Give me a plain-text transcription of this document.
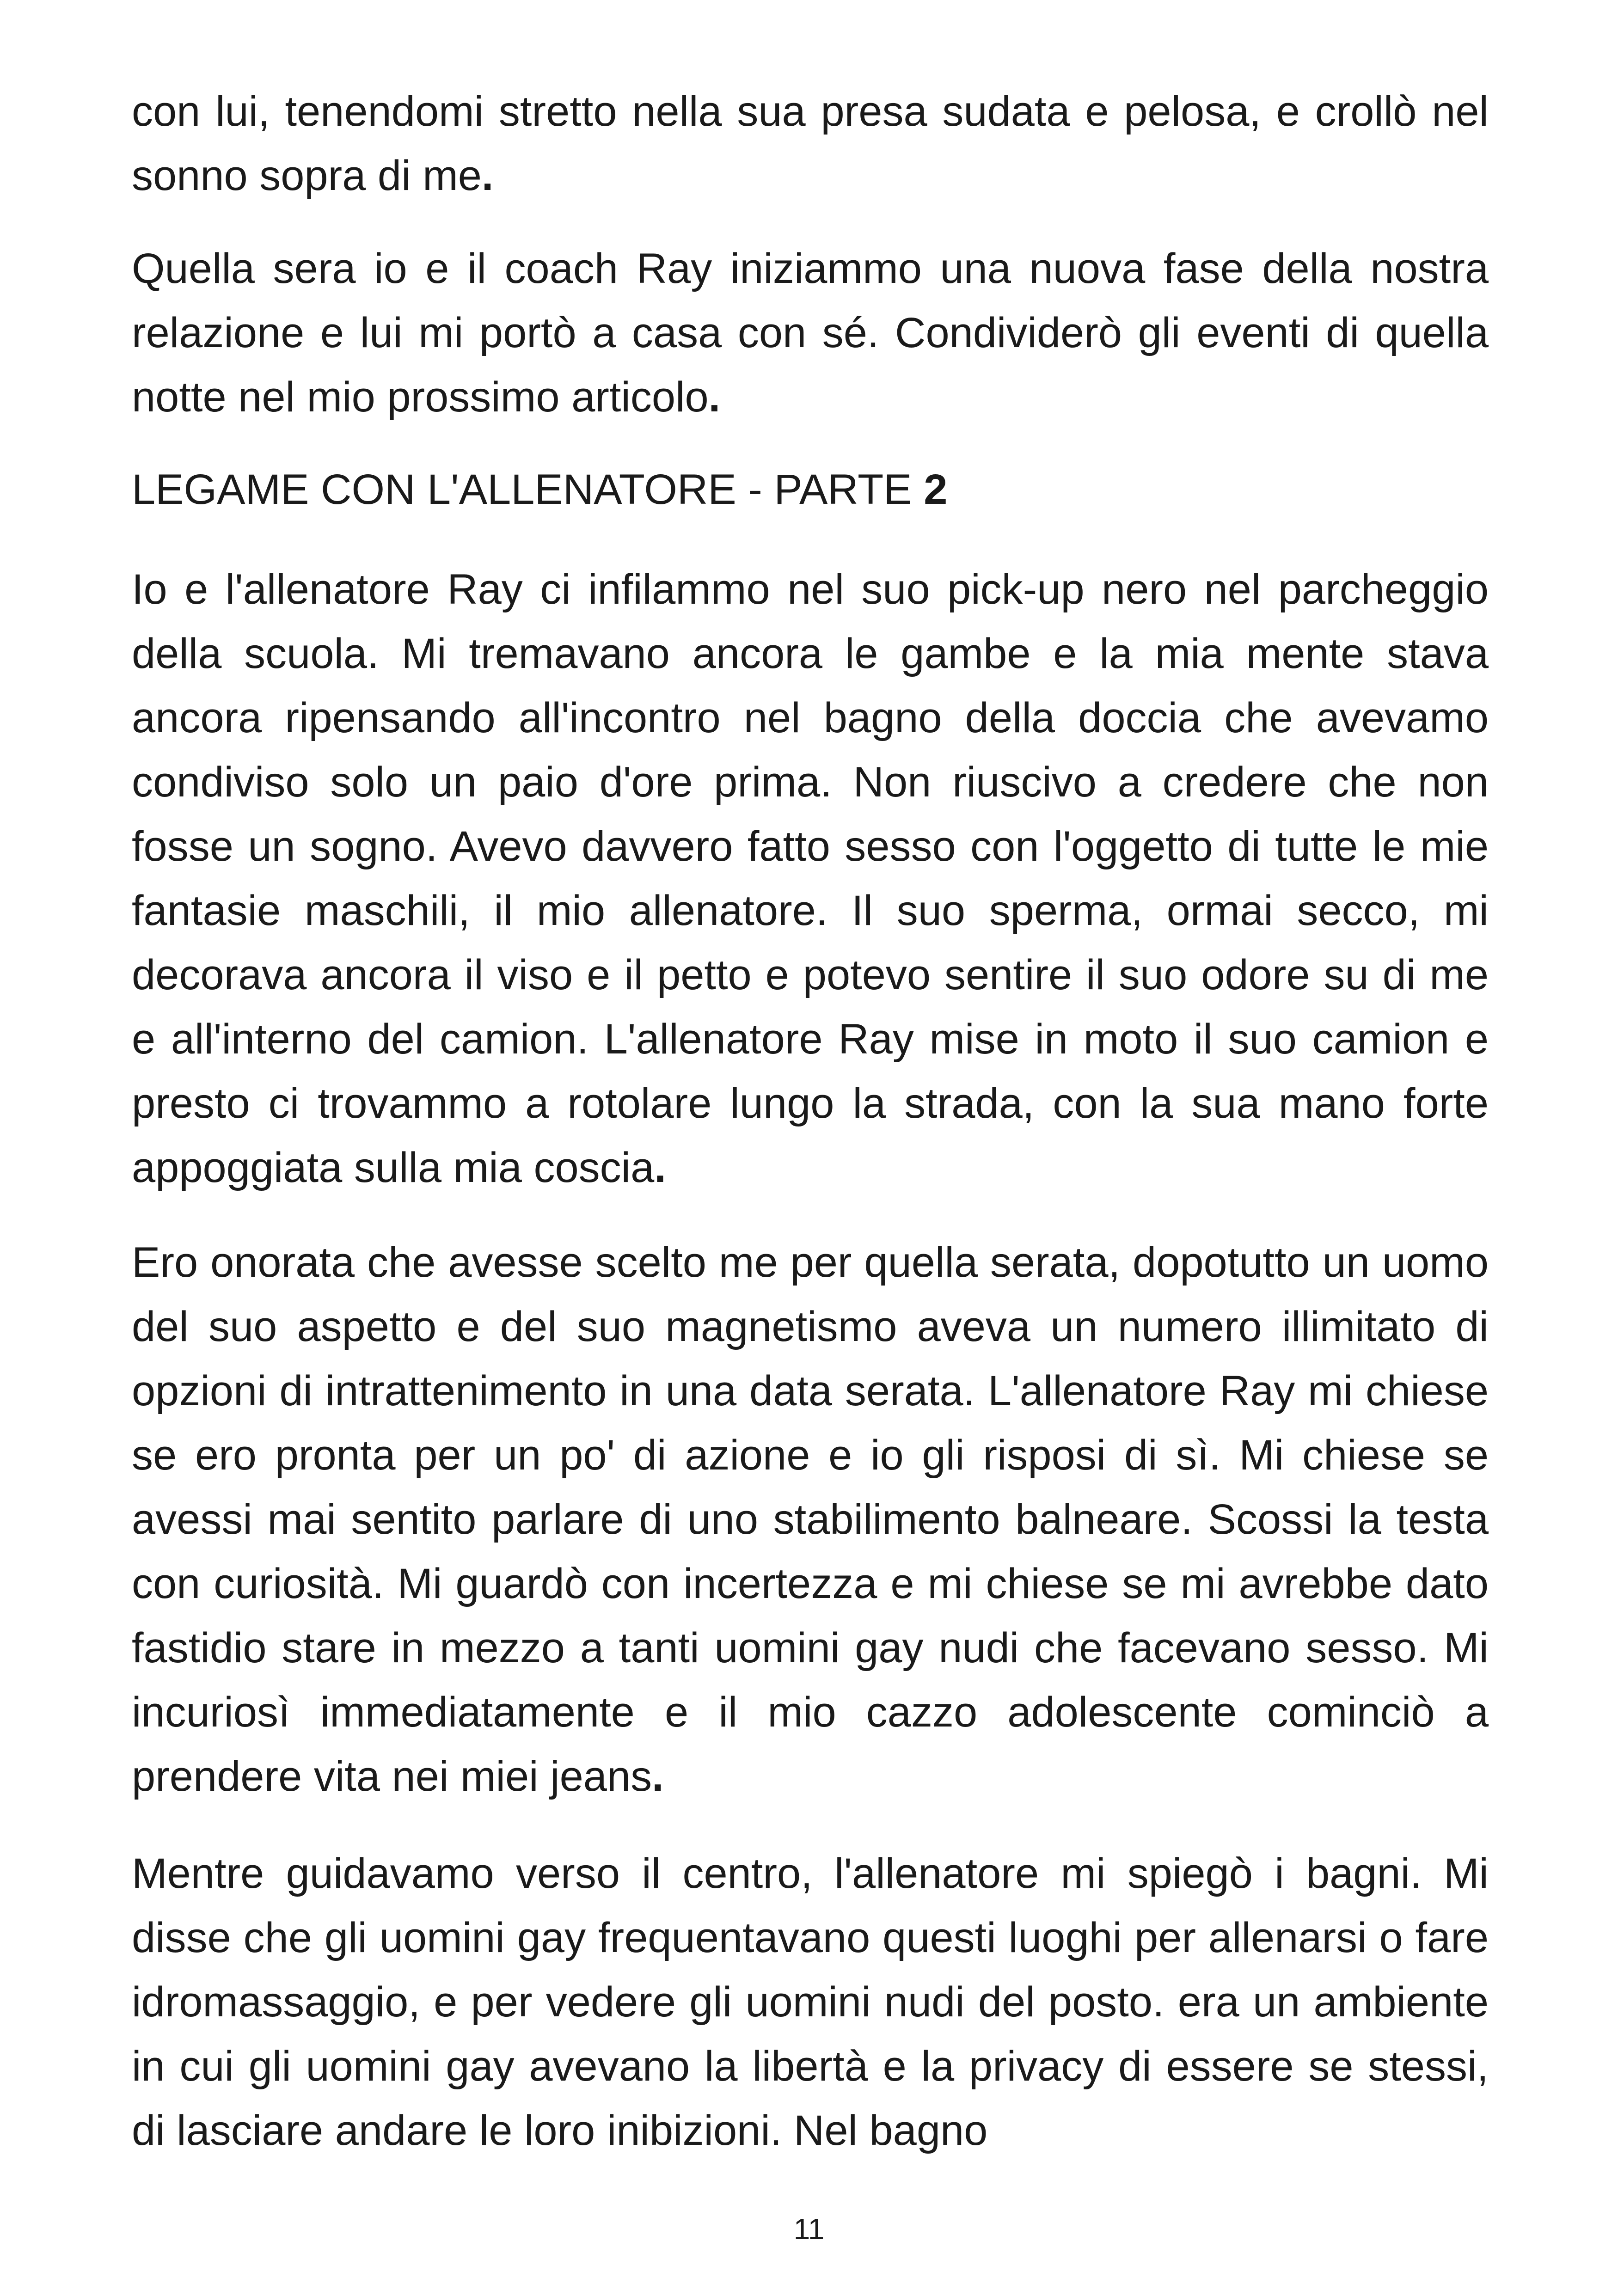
con lui, tenendomi stretto nella sua presa sudata e pelosa, e crollò nel sonno sopra di me.

Quella sera io e il coach Ray iniziammo una nuova fase della nostra relazione e lui mi portò a casa con sé. Condividerò gli eventi di quella notte nel mio prossimo articolo.

LEGAME CON L'ALLENATORE - PARTE 2

Io e l'allenatore Ray ci infilammo nel suo pick-up nero nel parcheggio della scuola. Mi tremavano ancora le gambe e la mia mente stava ancora ripensando all'incontro nel bagno della doccia che avevamo condiviso solo un paio d'ore prima. Non riuscivo a credere che non fosse un sogno. Avevo davvero fatto sesso con l'oggetto di tutte le mie fantasie maschili, il mio allenatore. Il suo sperma, ormai secco, mi decorava ancora il viso e il petto e potevo sentire il suo odore su di me e all'interno del camion. L'allenatore Ray mise in moto il suo camion e presto ci trovammo a rotolare lungo la strada, con la sua mano forte appoggiata sulla mia coscia.

Ero onorata che avesse scelto me per quella serata, dopotutto un uomo del suo aspetto e del suo magnetismo aveva un numero illimitato di opzioni di intrattenimento in una data serata. L'allenatore Ray mi chiese se ero pronta per un po' di azione e io gli risposi di sì. Mi chiese se avessi mai sentito parlare di uno stabilimento balneare. Scossi la testa con curiosità. Mi guardò con incertezza e mi chiese se mi avrebbe dato fastidio stare in mezzo a tanti uomini gay nudi che facevano sesso. Mi incuriosì immediatamente e il mio cazzo adolescente cominciò a prendere vita nei miei jeans.

Mentre guidavamo verso il centro, l'allenatore mi spiegò i bagni. Mi disse che gli uomini gay frequentavano questi luoghi per allenarsi o fare idromassaggio, e per vedere gli uomini nudi del posto. era un ambiente in cui gli uomini gay avevano la libertà e la privacy di essere se stessi, di lasciare andare le loro inibizioni. Nel bagno

11
